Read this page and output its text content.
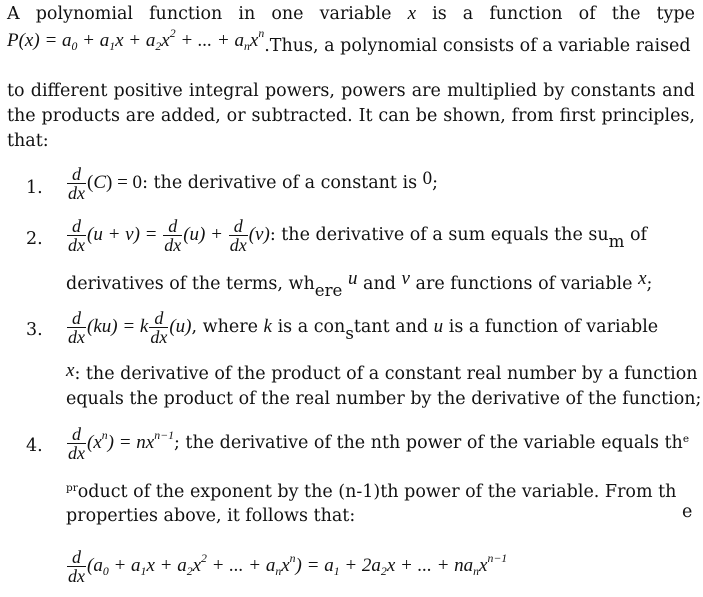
A polynomial function in one variable x is a function of the type
$P(x) = a_0 + a_1x + a_2x^2$ + ... + $a_nx^n.Thus$, a polynomial consists of a variable raised
to different positive integral powers, powers are multiplied by constants and
the products are added, or subtracted. It can be shown, from first principles,
that:
1. $\frac{d}{dx} (C) = 0$: the derivative of a constant is 0;
2. $\frac{d}{dx} (u + v) = \frac{d}{dx} (u) + \frac{d}{dx} (v)$: the derivative of a sum equals the sum of
derivatives of the terms, where u and v are functions of variable x;
3. $\frac{d}{dx} (ku) = k \frac{d}{dx} (u)$, where k is a constant and u is a function of variable
x: the derivative of the product of a constant real number by a function
equals the product of the real number by the derivative of the function;
4. $\frac{d}{dx} (x^n) = nx^{n-1}$; the derivative of the nth power of the variable equals $th^e$
$^{pr}$oduct of the exponent by the (n-1)th power of the variable. From th
properties above, it follows that:	e
$\frac{d}{dx} (a_0 + a_1x + a_2x^2$ + ... + $a_nx^n) = a_1 + 2a_2x$ + ... + $na_nx^{n-1}$
